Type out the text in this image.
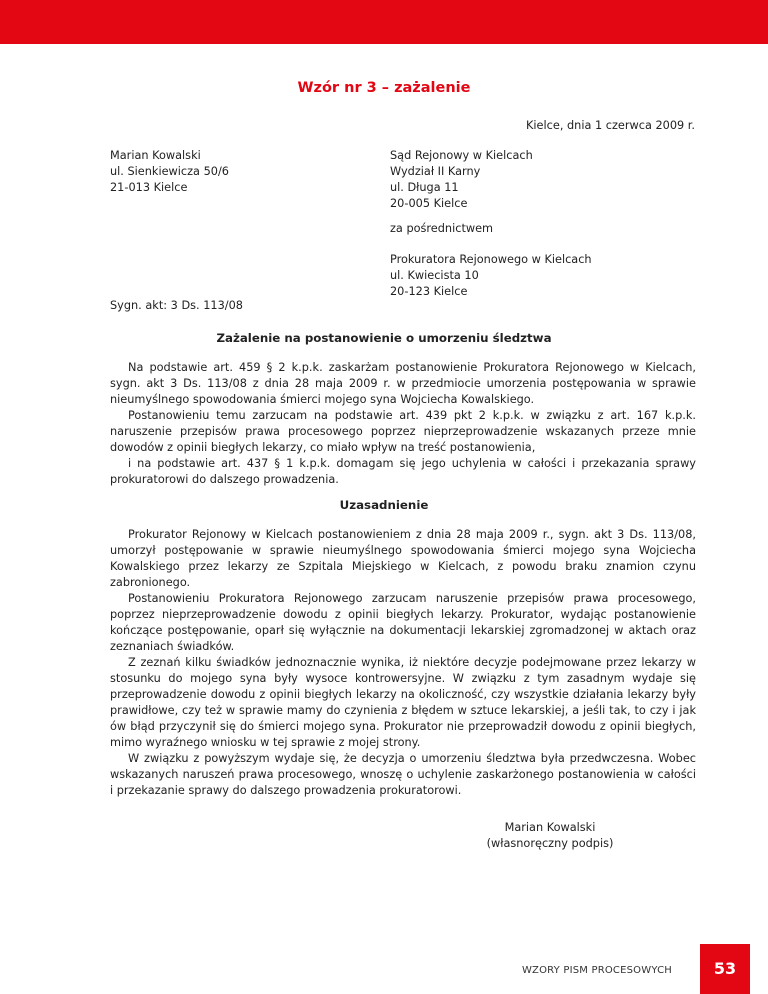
Wzór nr 3 – zażalenie
Kielce, dnia 1 czerwca 2009 r.
Marian Kowalski
ul. Sienkiewicza 50/6
21-013 Kielce
Sąd Rejonowy w Kielcach
Wydział II Karny
ul. Długa 11
20-005 Kielce
za pośrednictwem
Prokuratora Rejonowego w Kielcach
ul. Kwiecista 10
20-123 Kielce
Sygn. akt: 3 Ds. 113/08
Zażalenie na postanowienie o umorzeniu śledztwa

Na podstawie art. 459 § 2 k.p.k. zaskarżam postanowienie Prokuratora Rejonowego w Kielcach, sygn. akt 3 Ds. 113/08 z dnia 28 maja 2009 r. w przedmiocie umorzenia postępowania w sprawie nieumyślnego spowodowania śmierci mojego syna Wojciecha Kowalskiego.

Postanowieniu temu zarzucam na podstawie art. 439 pkt 2 k.p.k. w związku z art. 167 k.p.k. naruszenie przepisów prawa procesowego poprzez nieprzeprowadzenie wskazanych przeze mnie dowodów z opinii biegłych lekarzy, co miało wpływ na treść postanowienia,

i na podstawie art. 437 § 1 k.p.k. domagam się jego uchylenia w całości i przekazania sprawy prokuratorowi do dalszego prowadzenia.

Uzasadnienie

Prokurator Rejonowy w Kielcach postanowieniem z dnia 28 maja 2009 r., sygn. akt 3 Ds. 113/08, umorzył postępowanie w sprawie nieumyślnego spowodowania śmierci mojego syna Wojciecha Kowalskiego przez lekarzy ze Szpitala Miejskiego w Kielcach, z powodu braku znamion czynu zabronionego.

Postanowieniu Prokuratora Rejonowego zarzucam naruszenie przepisów prawa procesowego, poprzez nieprzeprowadzenie dowodu z opinii biegłych lekarzy. Prokurator, wydając postanowienie kończące postępowanie, oparł się wyłącznie na dokumentacji lekarskiej zgromadzonej w aktach oraz zeznaniach świadków.

Z zeznań kilku świadków jednoznacznie wynika, iż niektóre decyzje podejmowane przez lekarzy w stosunku do mojego syna były wysoce kontrowersyjne. W związku z tym zasadnym wydaje się przeprowadzenie dowodu z opinii biegłych lekarzy na okoliczność, czy wszystkie działania lekarzy były prawidłowe, czy też w sprawie mamy do czynienia z błędem w sztuce lekarskiej, a jeśli tak, to czy i jak ów błąd przyczynił się do śmierci mojego syna. Prokurator nie przeprowadził dowodu z opinii biegłych, mimo wyraźnego wniosku w tej sprawie z mojej strony.

W związku z powyższym wydaje się, że decyzja o umorzeniu śledztwa była przedwczesna. Wobec wskazanych naruszeń prawa procesowego, wnoszę o uchylenie zaskarżonego postanowienia w całości i przekazanie sprawy do dalszego prowadzenia prokuratorowi.

Marian Kowalski
(własnoręczny podpis)
WZORY PISM PROCESOWYCH	53
